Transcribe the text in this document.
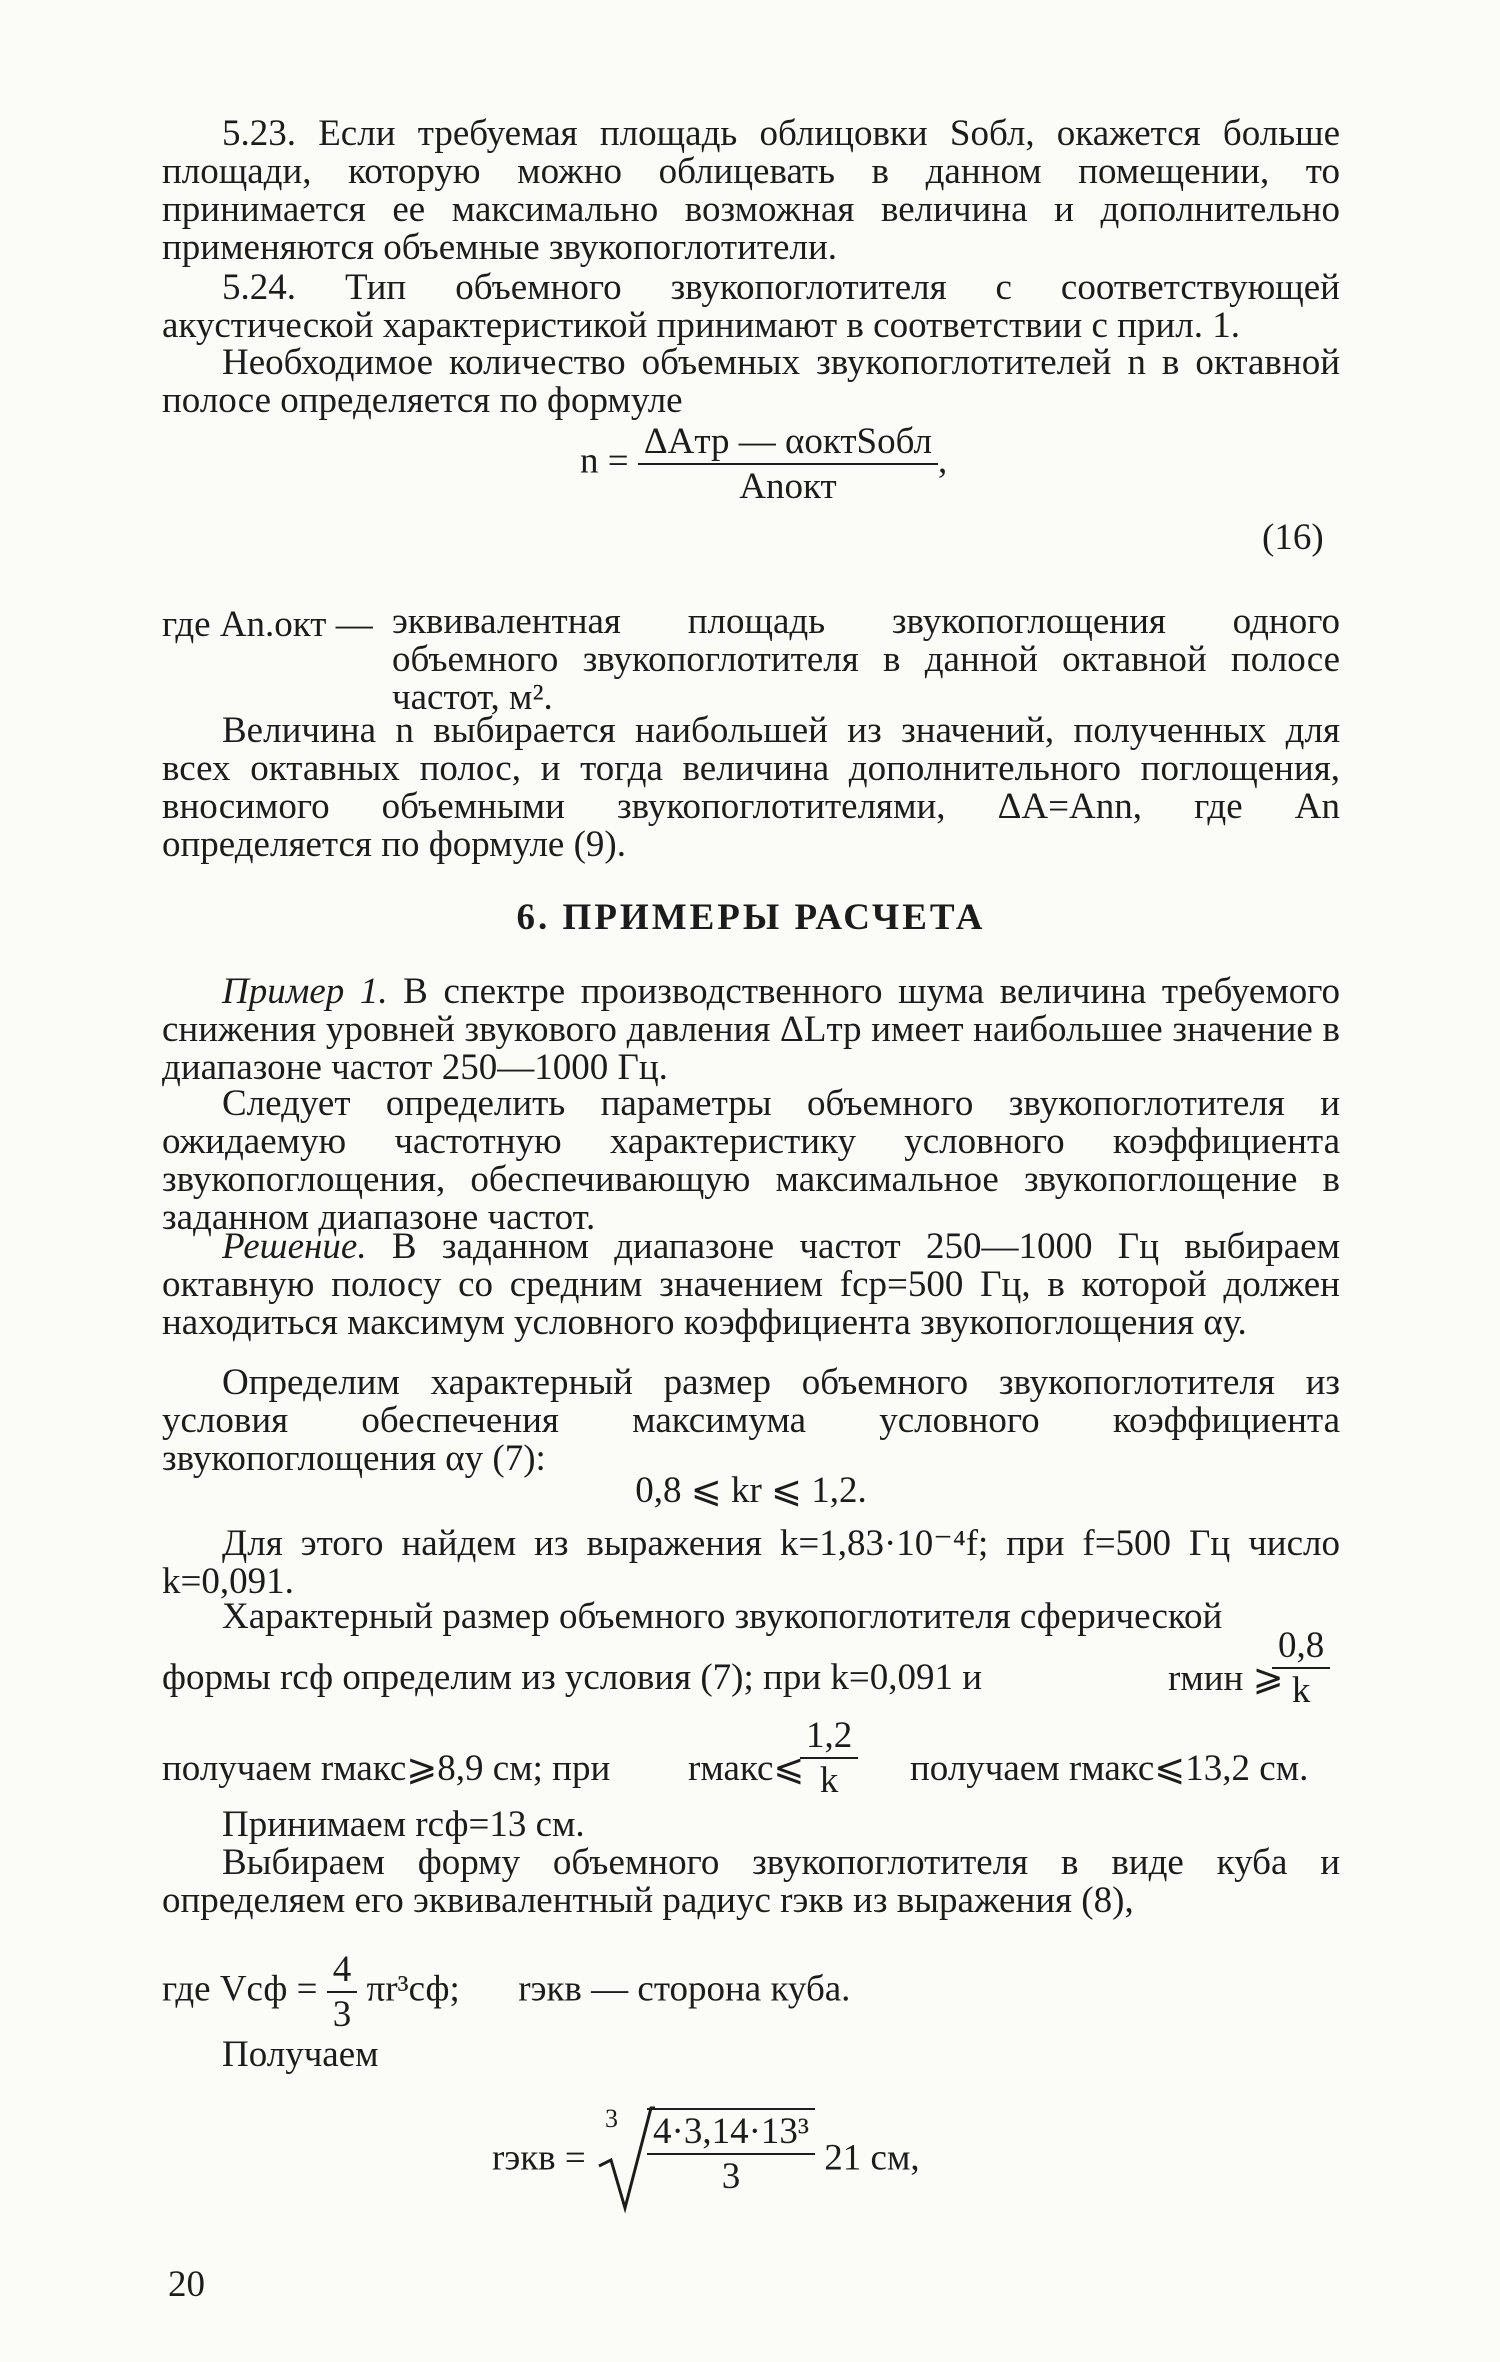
5.23. Если требуемая площадь облицовки Sобл, окажется больше площади, которую можно облицевать в данном помещении, то принимается ее максимально возможная величина и дополнительно применяются объемные звукопоглотители.
5.24. Тип объемного звукопоглотителя с соответствующей акустической характеристикой принимают в соответствии с прил. 1.
Необходимое количество объемных звукопоглотителей n в октавной полосе определяется по формуле
n = ΔAтр — αоктSобл
Anокт
,
(16)
где An.окт — эквивалентная площадь звукопоглощения одного объемного звукопоглотителя в данной октавной полосе частот, м².
Величина n выбирается наибольшей из значений, полученных для всех октавных полос, и тогда величина дополнительного поглощения, вносимого объемными звукопоглотителями, ΔA=Ann, где An определяется по формуле (9).
6. ПРИМЕРЫ РАСЧЕТА
Пример 1. В спектре производственного шума величина требуемого снижения уровней звукового давления ΔLтр имеет наибольшее значение в диапазоне частот 250—1000 Гц.
Следует определить параметры объемного звукопоглотителя и ожидаемую частотную характеристику условного коэффициента звукопоглощения, обеспечивающую максимальное звукопоглощение в заданном диапазоне частот.
Решение. В заданном диапазоне частот 250—1000 Гц выбираем октавную полосу со средним значением fср=500 Гц, в которой должен находиться максимум условного коэффициента звукопоглощения αу.
Определим характерный размер объемного звукопоглотителя из условия обеспечения максимума условного коэффициента звукопоглощения αу (7):
0,8 ⩽ kr ⩽ 1,2.
Для этого найдем из выражения k=1,83·10⁻⁴f; при f=500 Гц число k=0,091.
Характерный размер объемного звукопоглотителя сферической
формы rсф определим из условия (7); при k=0,091 и	rмин ⩾
$\frac{0,8}{k}$
получаем rмакс⩾8,9 см; при rмакс⩽
$\frac{1,2}{k}$ получаем rмакс⩽13,2 см.
Принимаем rсф=13 см.
Выбираем форму объемного звукопоглотителя в виде куба и определяем его эквивалентный радиус rэкв из выражения (8),
где Vсф = $\frac{4}{3} \pi r^3сф$; rэкв — сторона куба.
Получаем
rэкв =
$3 \frac{\text{4·3,14·13³}}{3} 21$ см,
20
